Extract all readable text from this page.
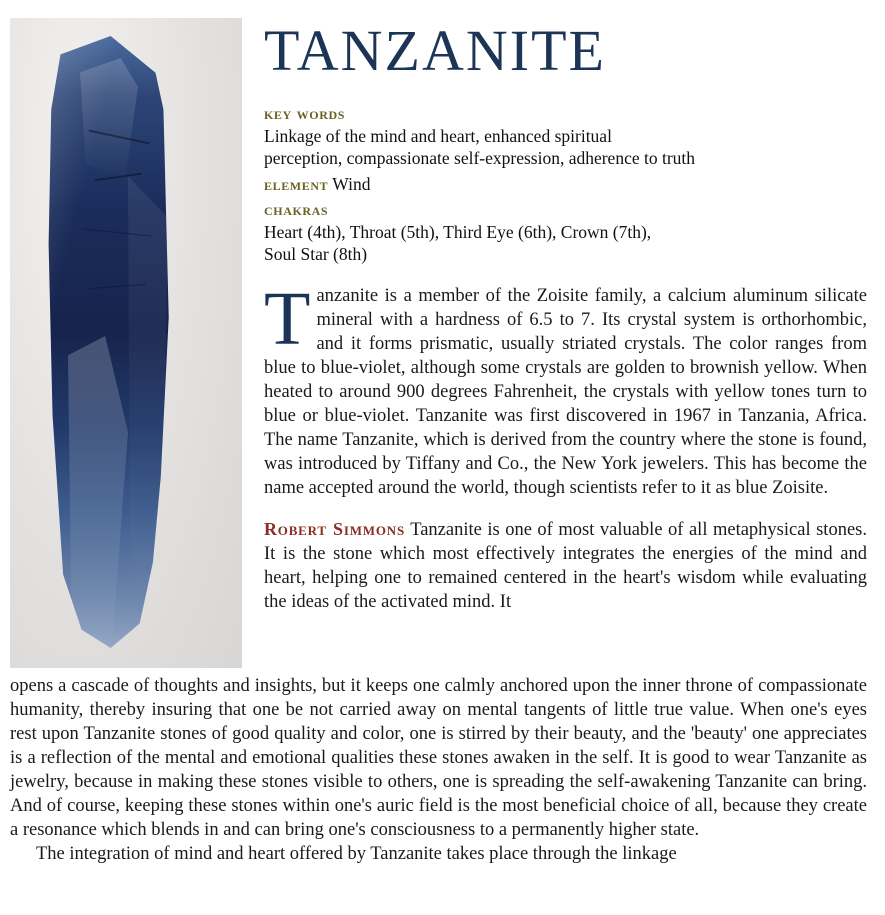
TANZANITE
key words
Linkage of the mind and heart, enhanced spiritual
perception, compassionate self-expression, adherence to truth
element Wind
chakras
Heart (4th), Throat (5th), Third Eye (6th), Crown (7th),
Soul Star (8th)

Tanzanite is a member of the Zoisite family, a calcium aluminum silicate mineral with a hardness of 6.5 to 7. Its crystal system is orthorhombic, and it forms prismatic, usually striated crystals. The color ranges from blue to blue-violet, although some crystals are golden to brownish yellow. When heated to around 900 degrees Fahrenheit, the crystals with yellow tones turn to blue or blue-violet. Tanzanite was first discovered in 1967 in Tanzania, Africa. The name Tanzanite, which is derived from the country where the stone is found, was introduced by Tiffany and Co., the New York jewelers. This has become the name accepted around the world, though scientists refer to it as blue Zoisite.

Robert Simmons Tanzanite is one of most valuable of all metaphysical stones. It is the stone which most effectively integrates the energies of the mind and heart, helping one to remained centered in the heart's wisdom while evaluating the ideas of the activated mind. It

opens a cascade of thoughts and insights, but it keeps one calmly anchored upon the inner throne of compassionate humanity, thereby insuring that one be not carried away on mental tangents of little true value. When one's eyes rest upon Tanzanite stones of good quality and color, one is stirred by their beauty, and the 'beauty' one appreciates is a reflection of the mental and emotional qualities these stones awaken in the self. It is good to wear Tanzanite as jewelry, because in making these stones visible to others, one is spreading the self-awakening Tanzanite can bring. And of course, keeping these stones within one's auric field is the most beneficial choice of all, because they create a resonance which blends in and can bring one's consciousness to a permanently higher state.

The integration of mind and heart offered by Tanzanite takes place through the linkage
